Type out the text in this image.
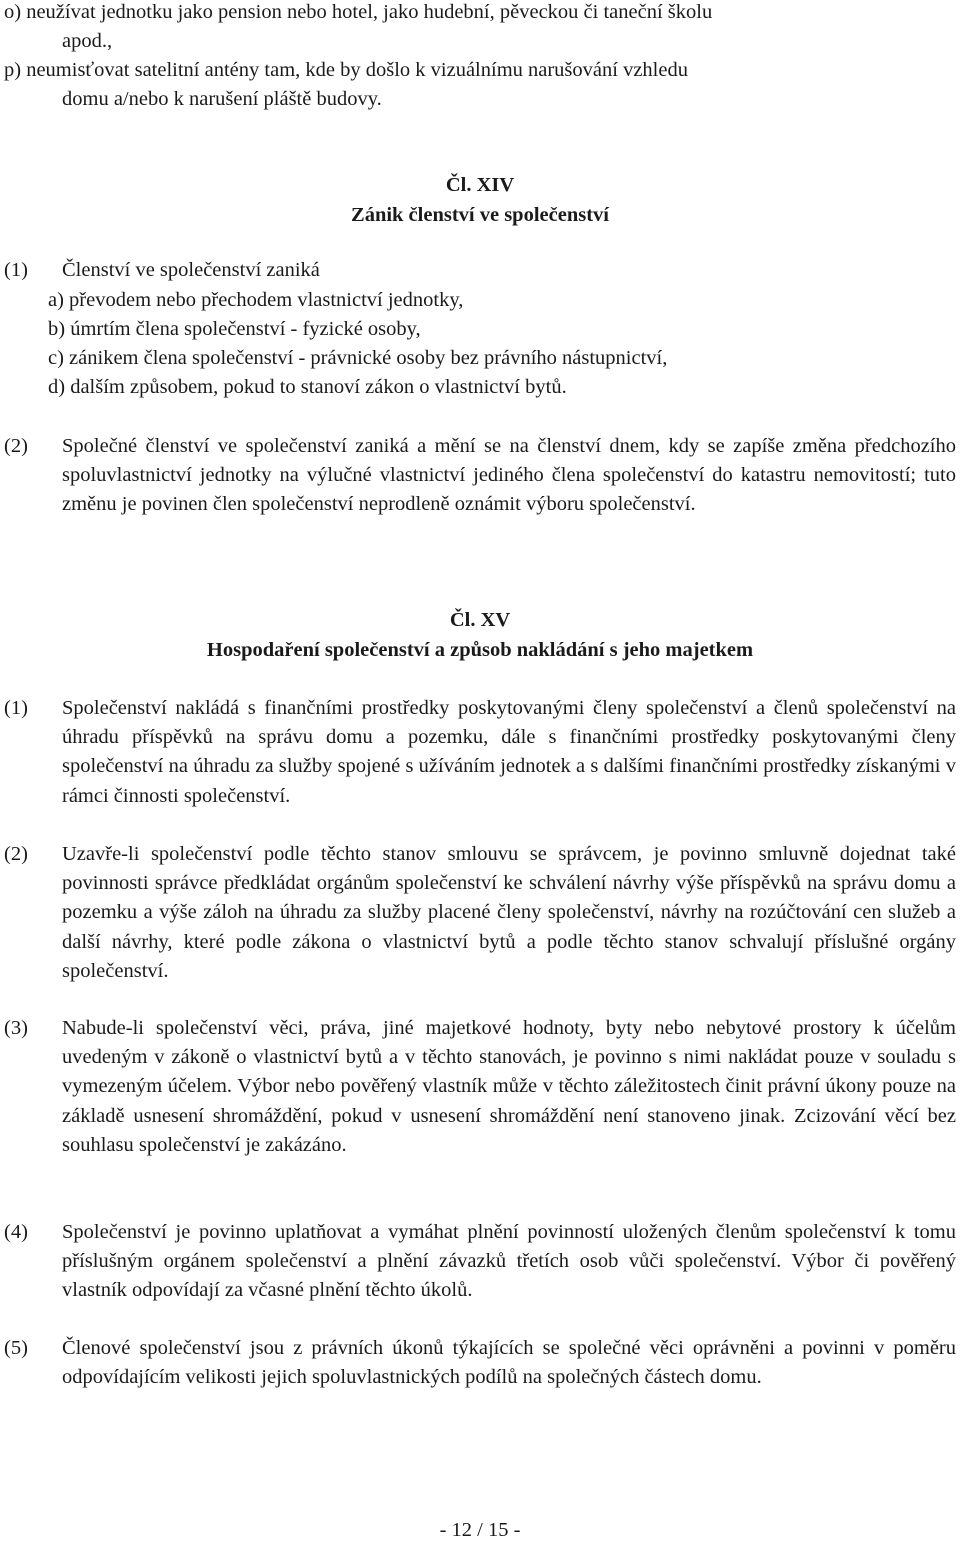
o) neužívat jednotku jako pension nebo hotel, jako hudební, pěveckou či taneční školu
apod.,
p) neumisťovat satelitní antény tam, kde by došlo k vizuálnímu narušování vzhledu
domu a/nebo k narušení pláště budovy.
Čl. XIV
Zánik členství ve společenství
(1) Členství ve společenství zaniká
a) převodem nebo přechodem vlastnictví jednotky,
b) úmrtím člena společenství - fyzické osoby,
c) zánikem člena společenství - právnické osoby bez právního nástupnictví,
d) dalším způsobem, pokud to stanoví zákon o vlastnictví bytů.
(2) Společné členství ve společenství zaniká a mění se na členství dnem, kdy se zapíše změna předchozího spoluvlastnictví jednotky na výlučné vlastnictví jediného člena společenství do katastru nemovitostí; tuto změnu je povinen člen společenství neprodleně oznámit výboru společenství.
Čl. XV
Hospodaření společenství a způsob nakládání s jeho majetkem
(1) Společenství nakládá s finančními prostředky poskytovanými členy společenství a členů společenství na úhradu příspěvků na správu domu a pozemku, dále s finančními prostředky poskytovanými členy společenství na úhradu za služby spojené s užíváním jednotek a s dalšími finančními prostředky získanými v rámci činnosti společenství.
(2) Uzavře-li společenství podle těchto stanov smlouvu se správcem, je povinno smluvně dojednat také povinnosti správce předkládat orgánům společenství ke schválení návrhy výše příspěvků na správu domu a pozemku a výše záloh na úhradu za služby placené členy společenství, návrhy na rozúčtování cen služeb a další návrhy, které podle zákona o vlastnictví bytů a podle těchto stanov schvalují příslušné orgány společenství.
(3) Nabude-li společenství věci, práva, jiné majetkové hodnoty, byty nebo nebytové prostory k účelům uvedeným v zákoně o vlastnictví bytů a v těchto stanovách, je povinno s nimi nakládat pouze v souladu s vymezeným účelem. Výbor nebo pověřený vlastník může v těchto záležitostech činit právní úkony pouze na základě usnesení shromáždění, pokud v usnesení shromáždění není stanoveno jinak. Zcizování věcí bez souhlasu společenství je zakázáno.
(4) Společenství je povinno uplatňovat a vymáhat plnění povinností uložených členům společenství k tomu příslušným orgánem společenství a plnění závazků třetích osob vůči společenství. Výbor či pověřený vlastník odpovídají za včasné plnění těchto úkolů.
(5) Členové společenství jsou z právních úkonů týkajících se společné věci oprávněni a povinni v poměru odpovídajícím velikosti jejich spoluvlastnických podílů na společných částech domu.
- 12 / 15 -
